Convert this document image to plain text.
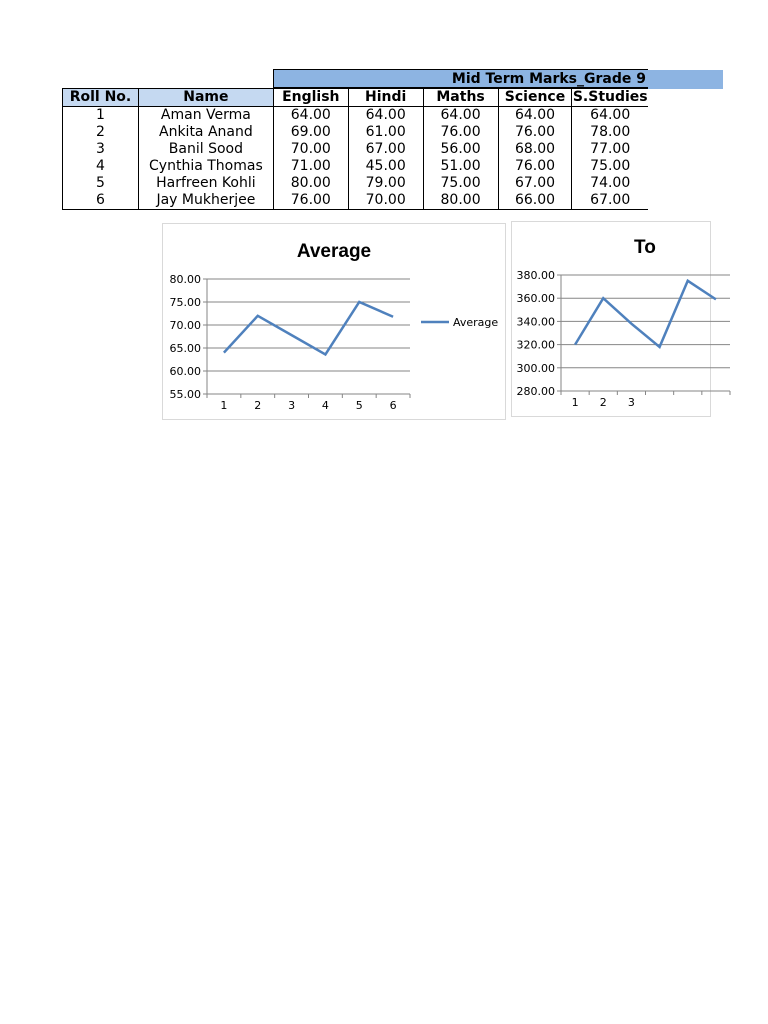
Mid Term Marks_Grade 9
Roll No.	Name	English	Hindi	Maths	Science	S.Studies
1	Aman Verma	64.00	64.00	64.00	64.00	64.00
2	Ankita Anand	69.00	61.00	76.00	76.00	78.00
3	Banil Sood	70.00	67.00	56.00	68.00	77.00
4	Cynthia Thomas	71.00	45.00	51.00	76.00	75.00
5	Harfreen Kohli	80.00	79.00	75.00	67.00	74.00
6	Jay Mukherjee	76.00	70.00	80.00	66.00	67.00
Average
55.00
60.00
65.00
70.00
75.00
80.00
1 2 3 4 5 6
Average
To
280.00
300.00
320.00
340.00
360.00
380.00
1 2 3
